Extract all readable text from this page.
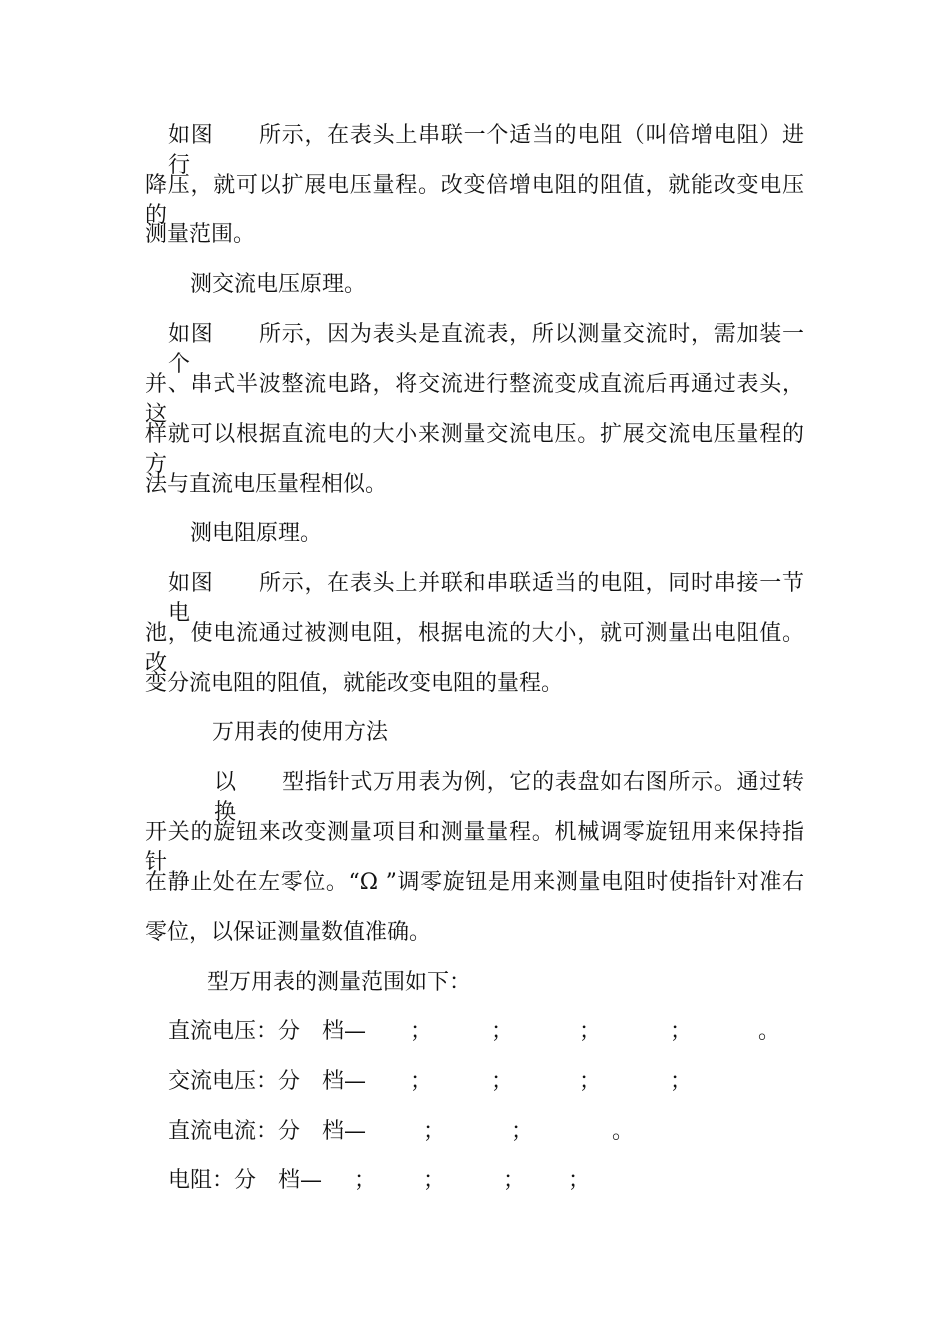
如图　　所示，在表头上串联一个适当的电阻（叫倍增电阻）进行
降压，就可以扩展电压量程。改变倍增电阻的阻值，就能改变电压的
测量范围。
测交流电压原理。
如图　　所示，因为表头是直流表，所以测量交流时，需加装一个
并、串式半波整流电路，将交流进行整流变成直流后再通过表头，这
样就可以根据直流电的大小来测量交流电压。扩展交流电压量程的方
法与直流电压量程相似。
测电阻原理。
如图　　所示，在表头上并联和串联适当的电阻，同时串接一节电
池，使电流通过被测电阻，根据电流的大小，就可测量出电阻值。改
变分流电阻的阻值，就能改变电阻的量程。
万用表的使用方法
以　　型指针式万用表为例，它的表盘如右图所示。通过转换
开关的旋钮来改变测量项目和测量量程。机械调零旋钮用来保持指针
在静止处在左零位。“Ω ”调零旋钮是用来测量电阻时使指针对准右
零位，以保证测量数值准确。
型万用表的测量范围如下：
直流电压：分　档— ；	；	；	；	。
交流电压：分　档— ；	；	；	；
直流电流：分　档—	；	；	。
电阻：分　档— ； ；	； ；
